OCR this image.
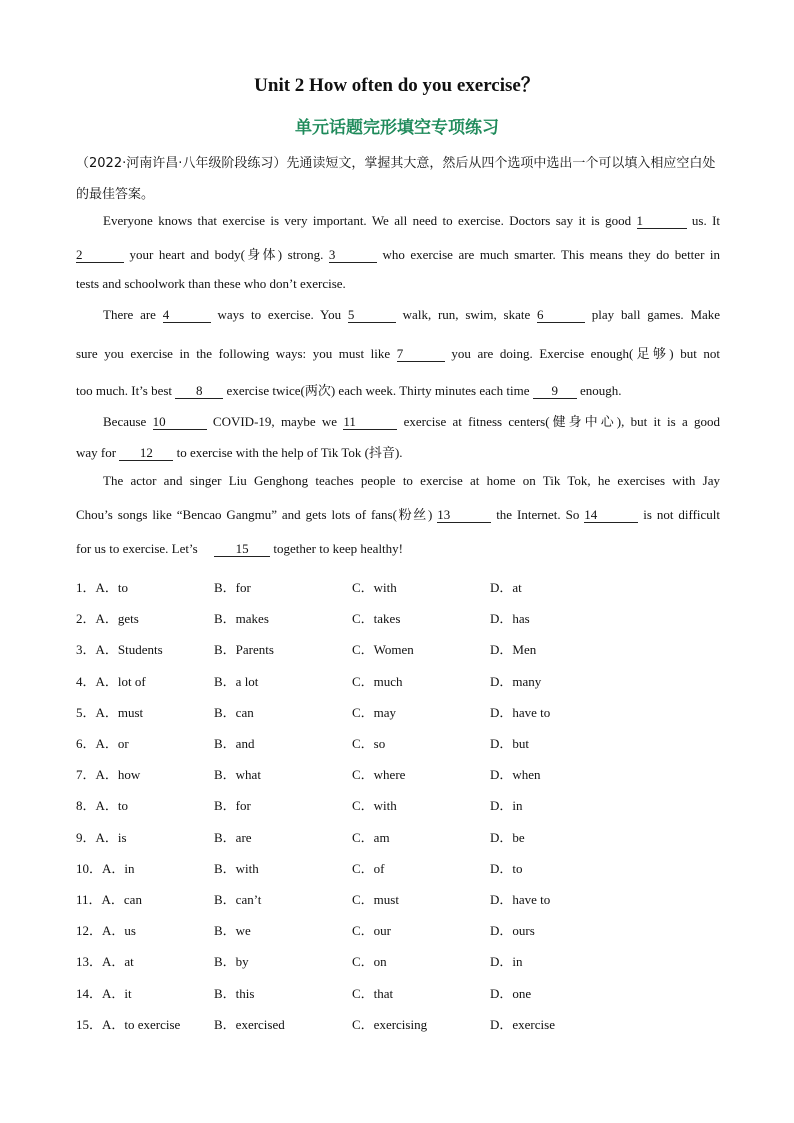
Unit 2 How often do you exercise？
单元话题完形填空专项练习
（2022·河南许昌·八年级阶段练习）先通读短文，掌握其大意，然后从四个选项中选出一个可以填入相应空白处的最佳答案。
Everyone knows that exercise is very important. We all need to exercise. Doctors say it is good 1	us. It
2	your heart and body(身体) strong. 3	who exercise are much smarter. This means they do better in
tests and schoolwork than these who don’t exercise.
There are 4	ways to exercise. You 5	walk, run, swim, skate 6	play ball games. Make
sure you exercise in the following ways: you must like 7	you are doing. Exercise enough(足够) but not
too much. It’s best 8 exercise twice(两次) each week. Thirty minutes each time 9 enough.
Because 10	COVID-19, maybe we 11	exercise at fitness centers(健身中心), but it is a good
way for 12 to exercise with the help of Tik Tok (抖音).
The actor and singer Liu Genghong teaches people to exercise at home on Tik Tok, he exercises with Jay
Chou’s songs like “Bencao Gangmu” and gets lots of fans(粉丝) 13	the Internet. So 14	is not difficult
for us to exercise. Let’s	15 together to keep healthy!
1．A．to	B．for	C．with	D．at
2．A．gets	B．makes	C．takes	D．has
3．A．Students	B．Parents	C．Women	D．Men
4．A．lot of	B．a lot	C．much	D．many
5．A．must	B．can	C．may	D．have to
6．A．or	B．and	C．so	D．but
7．A．how	B．what	C．where	D．when
8．A．to	B．for	C．with	D．in
9．A．is	B．are	C．am	D．be
10．A．in	B．with	C．of	D．to
11．A．can	B．can’t	C．must	D．have to
12．A．us	B．we	C．our	D．ours
13．A．at	B．by	C．on	D．in
14．A．it	B．this	C．that	D．one
15．A．to exercise	B．exercised	C．exercising	D．exercise
